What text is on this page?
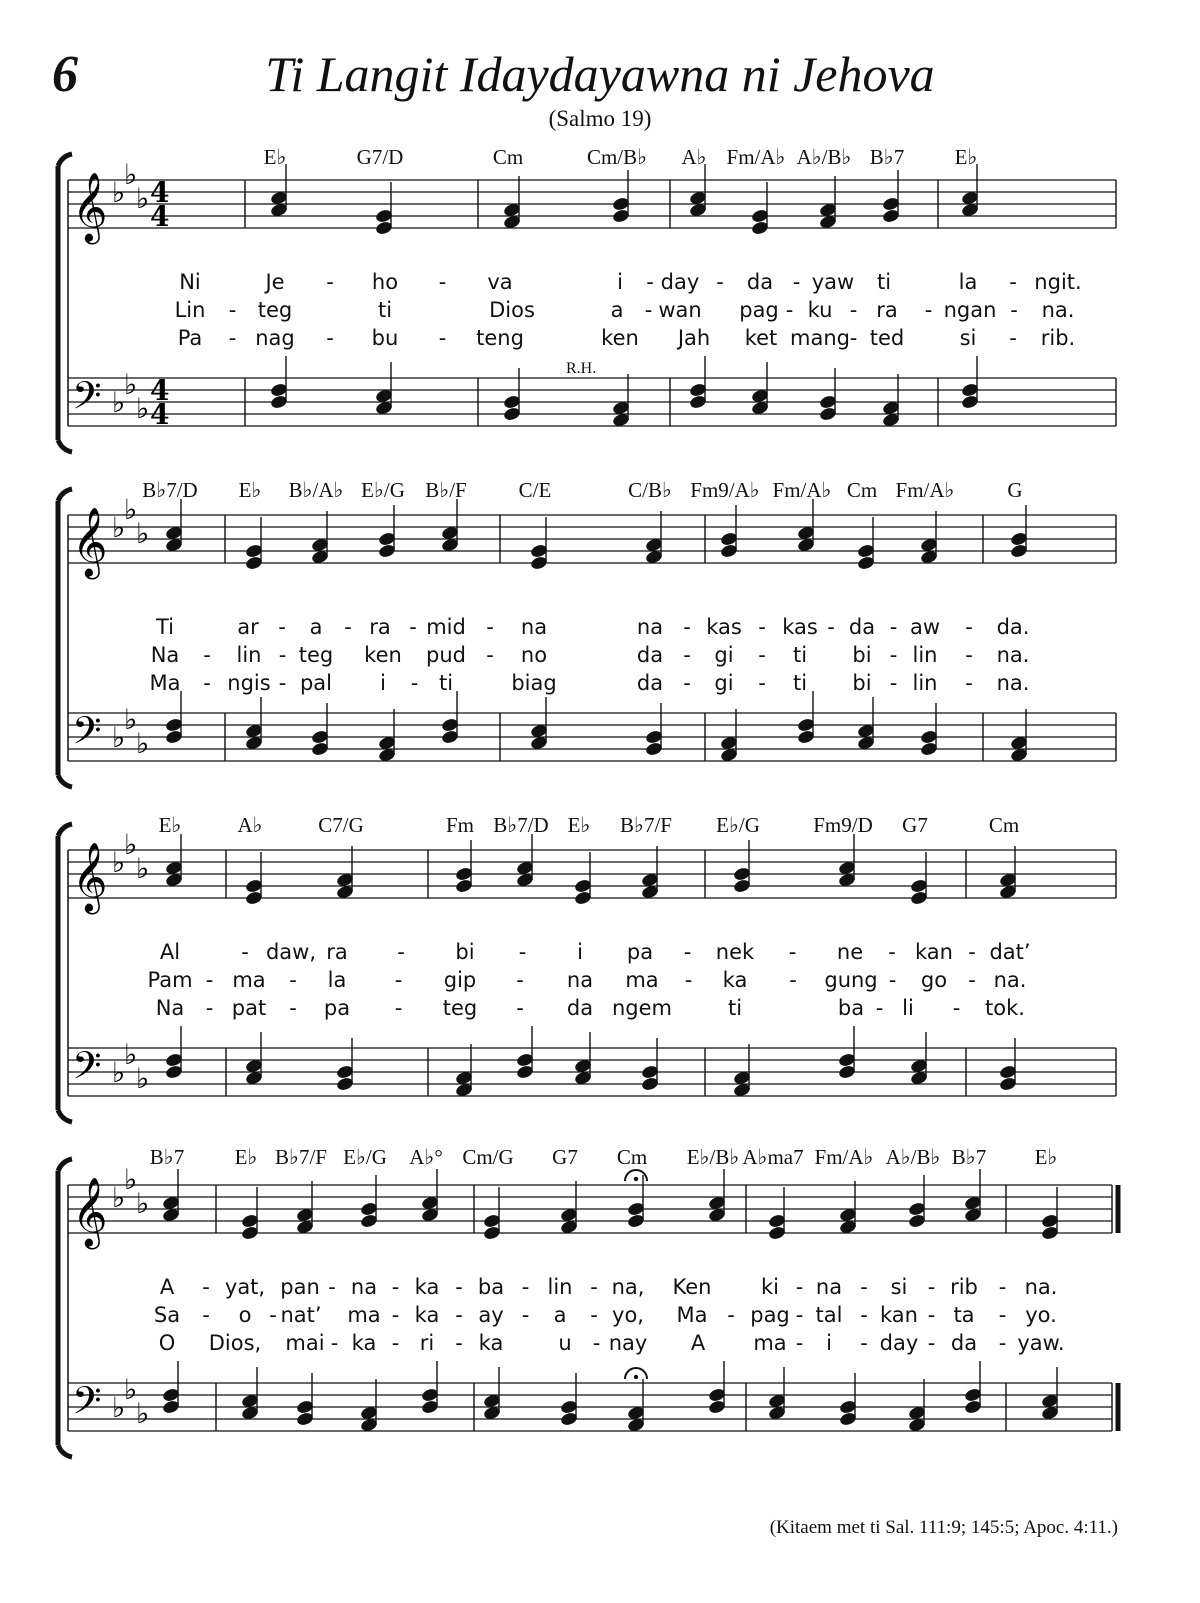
6	Ti Langit Idaydayawna ni Jehova
(Salmo 19)
𝄞
𝄢
♭
♭
♭
♭
♭
♭
4
4
4
4
E♭	G7/D	Cm	Cm/B♭ A♭ Fm/A♭ A♭/B♭ B♭7 E♭
Ni	Je - ho - va	i - day - da - yaw ti	la - ngit.
Lin - teg	ti	Dios	a - wan pag - ku - ra - ngan - na.
Pa - nag - bu - teng	ken Jah ket mang - ted	si - rib.
R.H.
𝄞
𝄢
♭
♭
♭
♭
♭
♭
B♭7/D E♭ B♭/A♭ E♭/G B♭/F C/E	C/B♭ Fm9/A♭ Fm/A♭ Cm Fm/A♭	G
Ti	ar - a - ra - mid - na	na - kas - kas - da - aw - da.
Na - lin - teg ken pud - no	da - gi - ti bi - lin - na.
Ma - ngis - pal i - ti	biag	da - gi - ti bi - lin - na.
𝄞
𝄢
♭
♭
♭
♭
♭
♭
E♭	A♭	C7/G	Fm B♭7/D E♭ B♭7/F E♭/G	Fm9/D G7	Cm
Al	- daw, ra - bi - i pa - nek - ne - kan - dat’
Pam - ma - la - gip - na ma - ka - gung - go - na.
Na - pat - pa - teg - da ngem	ti	ba - li - tok.
𝄞
𝄢
♭
♭
♭
♭
♭
♭
B♭7 E♭ B♭7/F E♭/G A♭° Cm/G G7 Cm E♭/B♭ A♭ma7 Fm/A♭ A♭/B♭ B♭7 E♭
A - yat, pan - na - ka - ba - lin - na, Ken ki - na - si - rib - na.
Sa - o - nat’ ma - ka - ay - a - yo, Ma - pag - tal - kan - ta - yo.
O Dios, mai - ka - ri - ka	u - nay A ma - i - day - da - yaw.
(Kitaem met ti Sal. 111:9; 145:5; Apoc. 4:11.)
